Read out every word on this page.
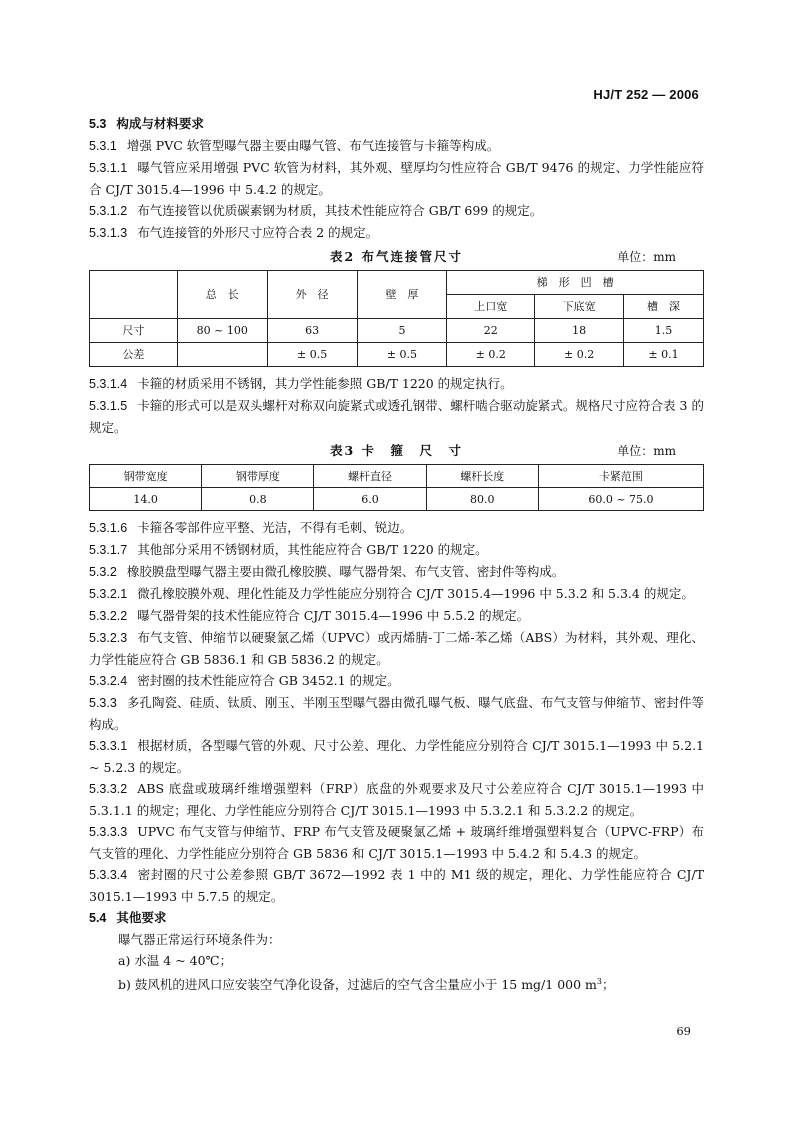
HJ/T 252 — 2006

5.3 构成与材料要求

5.3.1 增强 PVC 软管型曝气器主要由曝气管、布气连接管与卡箍等构成。

5.3.1.1 曝气管应采用增强 PVC 软管为材料，其外观、壁厚均匀性应符合 GB/T 9476 的规定、力学性能应符合 CJ/T 3015.4—1996 中 5.4.2 的规定。

5.3.1.2 布气连接管以优质碳素钢为材质，其技术性能应符合 GB/T 699 的规定。

5.3.1.3 布气连接管的外形尺寸应符合表 2 的规定。

表2 布气连接管尺寸	单位：mm
	总　长	外　径	壁　厚	梯　形　凹　槽		
				上口宽	下底宽	槽　深
尺寸	80 ~ 100	63	5	22	18	1.5
公差		± 0.5	± 0.5	± 0.2	± 0.2	± 0.1

5.3.1.4 卡箍的材质采用不锈钢，其力学性能参照 GB/T 1220 的规定执行。

5.3.1.5 卡箍的形式可以是双头螺杆对称双向旋紧式或透孔钢带、螺杆啮合驱动旋紧式。规格尺寸应符合表 3 的规定。

表3 卡　箍　尺　寸	单位：mm
钢带宽度	钢带厚度	螺杆直径	螺杆长度	卡紧范围
14.0	0.8	6.0	80.0	60.0 ~ 75.0

5.3.1.6 卡箍各零部件应平整、光洁，不得有毛刺、锐边。

5.3.1.7 其他部分采用不锈钢材质，其性能应符合 GB/T 1220 的规定。

5.3.2 橡胶膜盘型曝气器主要由微孔橡胶膜、曝气器骨架、布气支管、密封件等构成。

5.3.2.1 微孔橡胶膜外观、理化性能及力学性能应分别符合 CJ/T 3015.4—1996 中 5.3.2 和 5.3.4 的规定。

5.3.2.2 曝气器骨架的技术性能应符合 CJ/T 3015.4—1996 中 5.5.2 的规定。

5.3.2.3 布气支管、伸缩节以硬聚氯乙烯（UPVC）或丙烯腈-丁二烯-苯乙烯（ABS）为材料，其外观、理化、力学性能应符合 GB 5836.1 和 GB 5836.2 的规定。

5.3.2.4 密封圈的技术性能应符合 GB 3452.1 的规定。

5.3.3 多孔陶瓷、硅质、钛质、刚玉、半刚玉型曝气器由微孔曝气板、曝气底盘、布气支管与伸缩节、密封件等构成。

5.3.3.1 根据材质，各型曝气管的外观、尺寸公差、理化、力学性能应分别符合 CJ/T 3015.1—1993 中 5.2.1 ~ 5.2.3 的规定。

5.3.3.2 ABS 底盘或玻璃纤维增强塑料（FRP）底盘的外观要求及尺寸公差应符合 CJ/T 3015.1—1993 中 5.3.1.1 的规定；理化、力学性能应分别符合 CJ/T 3015.1—1993 中 5.3.2.1 和 5.3.2.2 的规定。

5.3.3.3 UPVC 布气支管与伸缩节、FRP 布气支管及硬聚氯乙烯 + 玻璃纤维增强塑料复合（UPVC-FRP）布气支管的理化、力学性能应分别符合 GB 5836 和 CJ/T 3015.1—1993 中 5.4.2 和 5.4.3 的规定。

5.3.3.4 密封圈的尺寸公差参照 GB/T 3672—1992 表 1 中的 M1 级的规定，理化、力学性能应符合 CJ/T 3015.1—1993 中 5.7.5 的规定。

5.4 其他要求

曝气器正常运行环境条件为：

a) 水温 4 ~ 40℃；

b) 鼓风机的进风口应安装空气净化设备，过滤后的空气含尘量应小于 15 mg/1 000 $m^3$；

69
